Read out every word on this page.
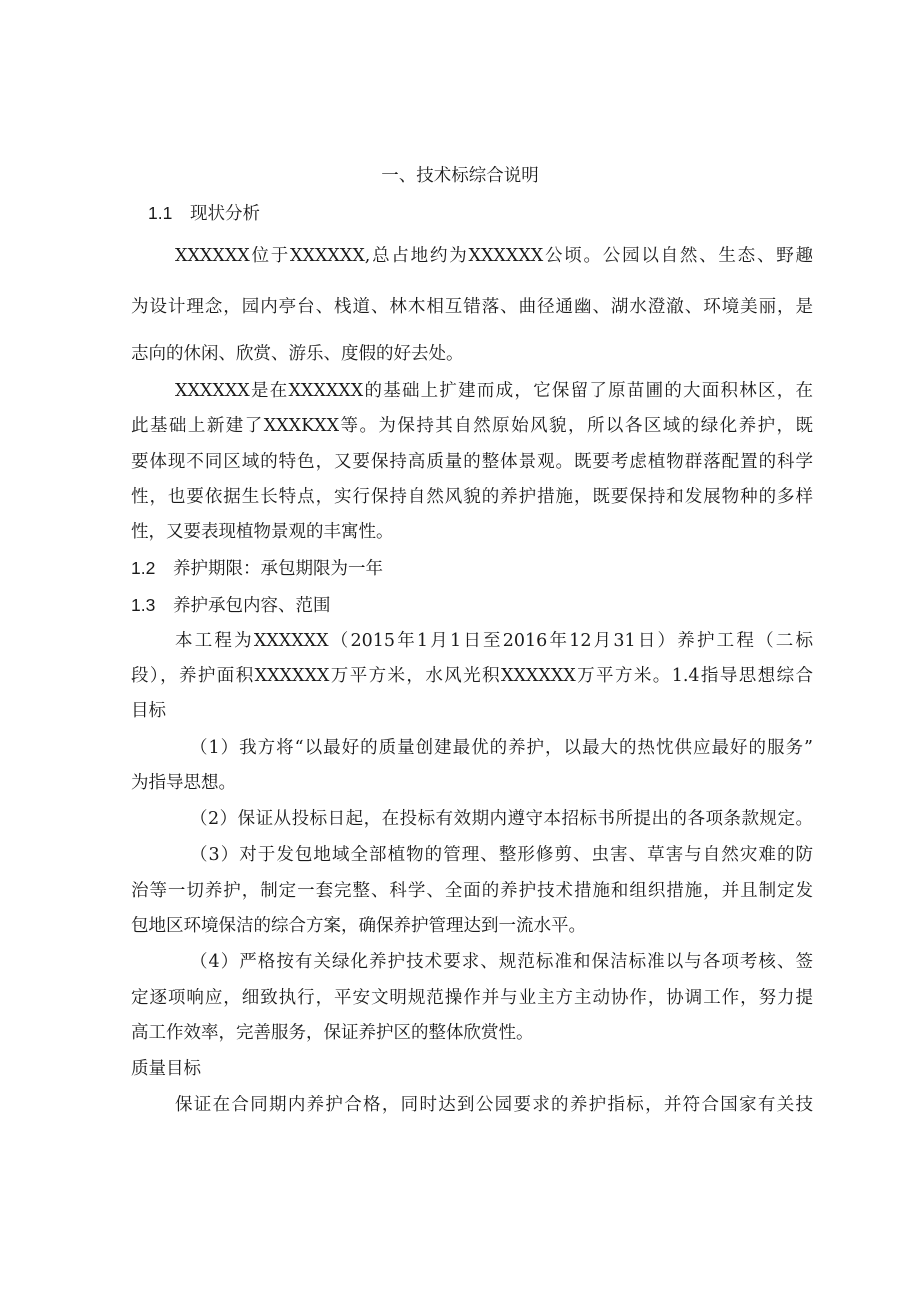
一、技术标综合说明
1.1 现状分析
XXXXXX位于XXXXXX,总占地约为XXXXXX公顷。公园以自然、生态、野趣
为设计理念，园内亭台、栈道、林木相互错落、曲径通幽、湖水澄澈、环境美丽，是
志向的休闲、欣赏、游乐、度假的好去处。
XXXXXX是在XXXXXX的基础上扩建而成，它保留了原苗圃的大面积林区，在
此基础上新建了XXXKXX等。为保持其自然原始风貌，所以各区域的绿化养护，既
要体现不同区域的特色，又要保持高质量的整体景观。既要考虑植物群落配置的科学
性，也要依据生长特点，实行保持自然风貌的养护措施，既要保持和发展物种的多样
性，又要表现植物景观的丰寓性。
1.2 养护期限：承包期限为一年
1.3 养护承包内容、范围
本工程为XXXXXX（2015年1月1日至2016年12月31日）养护工程（二标
段），养护面积XXXXXX万平方米，水风光积XXXXXX万平方米。1.4指导思想综合
目标
（1）我方将“以最好的质量创建最优的养护，以最大的热忱供应最好的服务”
为指导思想。
（2）保证从投标日起，在投标有效期内遵守本招标书所提出的各项条款规定。
（3）对于发包地域全部植物的管理、整形修剪、虫害、草害与自然灾难的防
治等一切养护，制定一套完整、科学、全面的养护技术措施和组织措施，并且制定发
包地区环境保洁的综合方案，确保养护管理达到一流水平。
（4）严格按有关绿化养护技术要求、规范标准和保洁标准以与各项考核、签
定逐项响应，细致执行，平安文明规范操作并与业主方主动协作，协调工作，努力提
高工作效率，完善服务，保证养护区的整体欣赏性。
质量目标
保证在合同期内养护合格，同时达到公园要求的养护指标，并符合国家有关技
